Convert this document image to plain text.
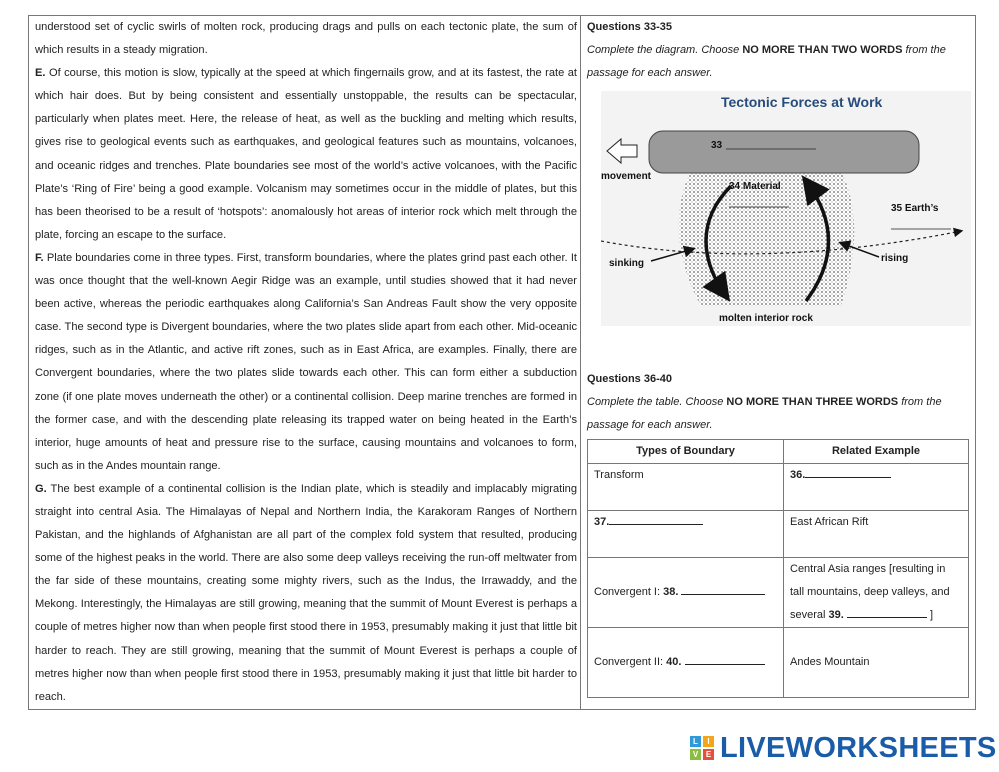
understood set of cyclic swirls of molten rock, producing drags and pulls on each tectonic plate, the sum of which results in a steady migration.

E. Of course, this motion is slow, typically at the speed at which fingernails grow, and at its fastest, the rate at which hair does. But by being consistent and essentially unstoppable, the results can be spectacular, particularly when plates meet. Here, the release of heat, as well as the buckling and melting which results, gives rise to geological events such as earthquakes, and geological features such as mountains, volcanoes, and oceanic ridges and trenches. Plate boundaries see most of the world’s active volcanoes, with the Pacific Plate’s ‘Ring of Fire’ being a good example. Volcanism may sometimes occur in the middle of plates, but this has been theorised to be a result of ‘hotspots’: anomalously hot areas of interior rock which melt through the plate, forcing an escape to the surface.

F. Plate boundaries come in three types. First, transform boundaries, where the plates grind past each other. It was once thought that the well-known Aegir Ridge was an example, until studies showed that it had never been active, whereas the periodic earthquakes along California’s San Andreas Fault show the very opposite case. The second type is Divergent boundaries, where the two plates slide apart from each other. Mid-oceanic ridges, such as in the Atlantic, and active rift zones, such as in East Africa, are examples. Finally, there are Convergent boundaries, where the two plates slide towards each other. This can form either a subduction zone (if one plate moves underneath the other) or a continental collision. Deep marine trenches are formed in the former case, and with the descending plate releasing its trapped water on being heated in the Earth’s interior, huge amounts of heat and pressure rise to the surface, causing mountains and volcanoes to form, such as in the Andes mountain range.

G. The best example of a continental collision is the Indian plate, which is steadily and implacably migrating straight into central Asia. The Himalayas of Nepal and Northern India, the Karakoram Ranges of Northern Pakistan, and the highlands of Afghanistan are all part of the complex fold system that resulted, producing some of the highest peaks in the world. There are also some deep valleys receiving the run-off meltwater from the far side of these mountains, creating some mighty rivers, such as the Indus, the Irrawaddy, and the Mekong. Interestingly, the Himalayas are still growing, meaning that the summit of Mount Everest is perhaps a couple of metres higher now than when people first stood there in 1953, presumably making it just that little bit harder to reach. They are still growing, meaning that the summit of Mount Everest is perhaps a couple of metres higher now than when people first stood there in 1953, presumably making it just that little bit harder to reach.

Questions 33-35

Complete the diagram. Choose NO MORE THAN TWO WORDS from the passage for each answer.

Tectonic Forces at Work
33
movement
34 Material
35 Earth’s
sinking	rising
molten interior rock

Questions 36-40

Complete the table. Choose NO MORE THAN THREE WORDS from the passage for each answer.

Types of Boundary	Related Example
Transform	36.
37.	East African Rift
Convergent I: 38.	Central Asia ranges [resulting in tall mountains, deep valleys, and several 39. ]
Convergent II: 40.	Andes Mountain
L	I
V E LIVEWORKSHEETS
